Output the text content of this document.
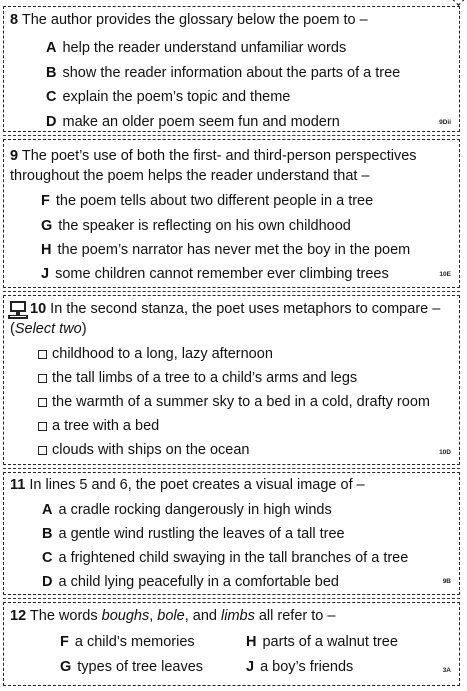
8 The author provides the glossary below the poem to –
A help the reader understand unfamiliar words
B show the reader information about the parts of a tree
C explain the poem’s topic and theme
D make an older poem seem fun and modern	9Dii
9 The poet’s use of both the first- and third-person perspectives
throughout the poem helps the reader understand that –
F the poem tells about two different people in a tree
G the speaker is reflecting on his own childhood
H the poem’s narrator has never met the boy in the poem
J some children cannot remember ever climbing trees	10E
10 In the second stanza, the poet uses metaphors to compare –
(Select two)
childhood to a long, lazy afternoon
the tall limbs of a tree to a child’s arms and legs
the warmth of a summer sky to a bed in a cold, drafty room
a tree with a bed
clouds with ships on the ocean	10D
11 In lines 5 and 6, the poet creates a visual image of –
A a cradle rocking dangerously in high winds
B a gentle wind rustling the leaves of a tall tree
C a frightened child swaying in the tall branches of a tree
D a child lying peacefully in a comfortable bed	9B
12 The words boughs, bole, and limbs all refer to –
F a child’s memories	H parts of a walnut tree
G types of tree leaves	J a boy’s friends	3A
